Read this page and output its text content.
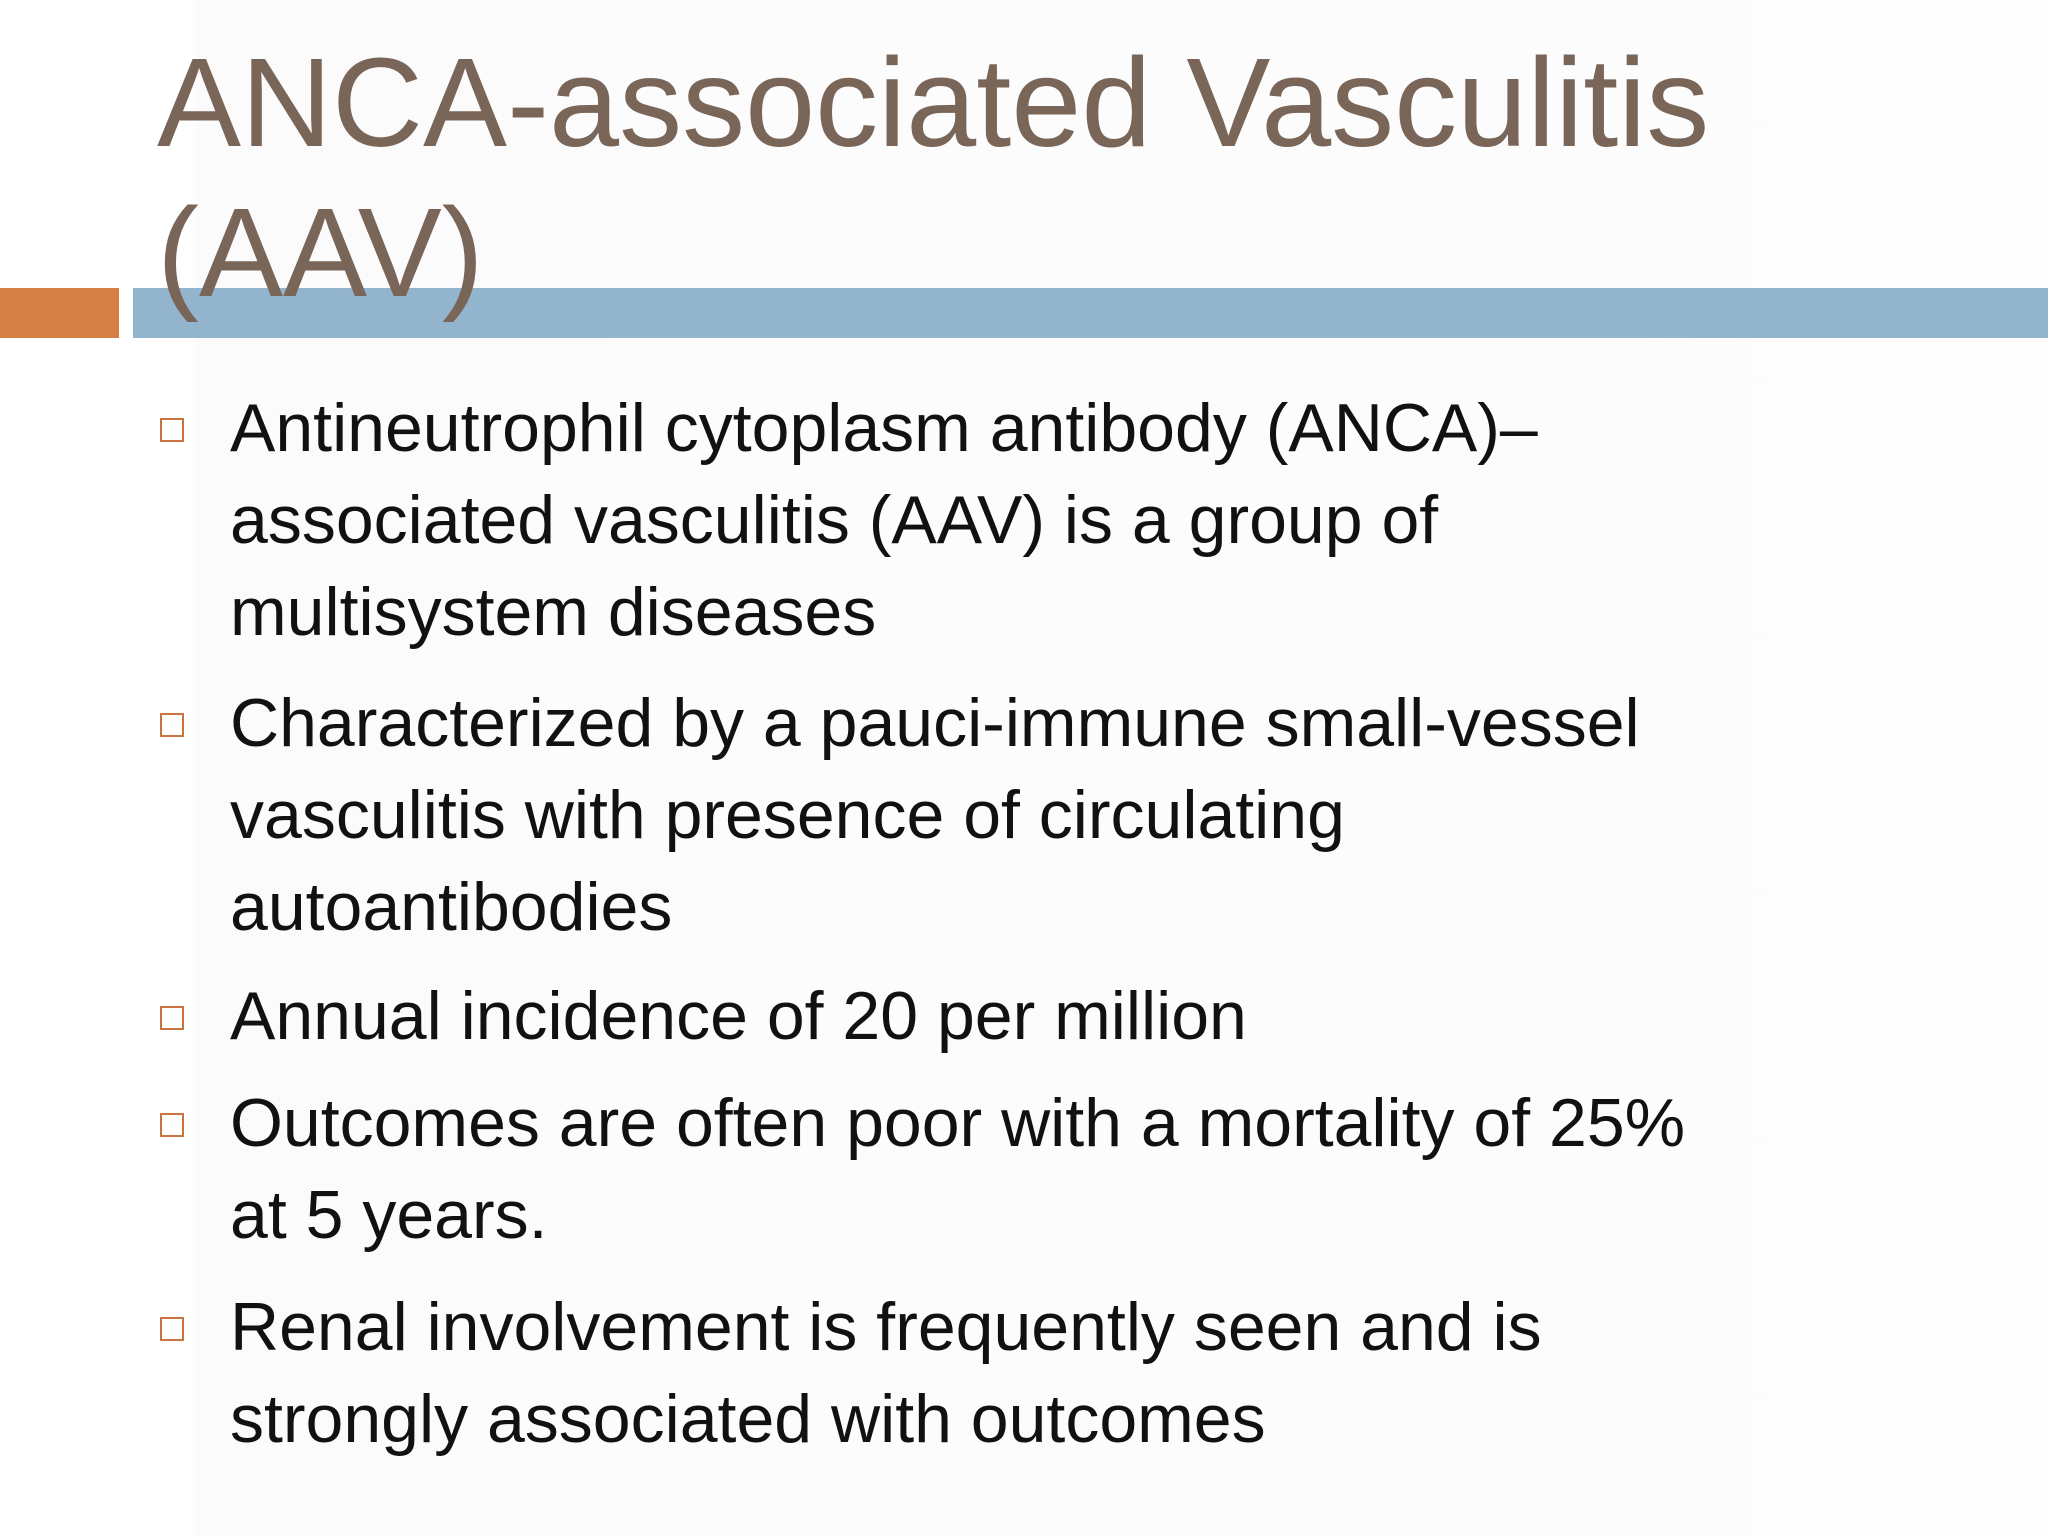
ANCA-associated Vasculitis
(AAV)

Antineutrophil cytoplasm antibody (ANCA)–
associated vasculitis (AAV) is a group of
multisystem diseases

Characterized by a pauci-immune small-vessel
vasculitis with presence of circulating
autoantibodies

Annual incidence of 20 per million

Outcomes are often poor with a mortality of 25%
at 5 years.

Renal involvement is frequently seen and is
strongly associated with outcomes
